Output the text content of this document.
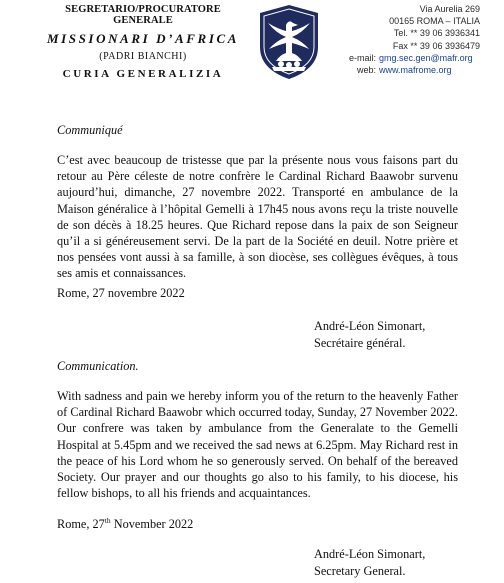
SEGRETARIO/PROCURATORE GENERALE
MISSIONARI D’AFRICA
(PADRI BIANCHI)
CURIA GENERALIZIA
Via Aurelia 269
00165 ROMA – ITALIA
Tel. ** 39 06 3936341
Fax ** 39 06 3936479
e-mail: gmg.sec.gen@mafr.org
web: www.mafrome.org
Communiqué
C’est avec beaucoup de tristesse que par la présente nous vous faisons part du retour au Père céleste de notre confrère le Cardinal Richard Baawobr survenu aujourd’hui, dimanche, 27 novembre 2022. Transporté en ambulance de la Maison généralice à l’hôpital Gemelli à 17h45 nous avons reçu la triste nouvelle de son décès à 18.25 heures. Que Richard repose dans la paix de son Seigneur qu’il a si généreusement servi. De la part de la Société en deuil. Notre prière et nos pensées vont aussi à sa famille, à son diocèse, ses collègues évêques, à tous ses amis et connaissances.
Rome, 27 novembre 2022
André-Léon Simonart,
Secrétaire général.
Communication.
With sadness and pain we hereby inform you of the return to the heavenly Father of Cardinal Richard Baawobr which occurred today, Sunday, 27 November 2022. Our confrere was taken by ambulance from the Generalate to the Gemelli Hospital at 5.45pm and we received the sad news at 6.25pm. May Richard rest in the peace of his Lord whom he so generously served. On behalf of the bereaved Society. Our prayer and our thoughts go also to his family, to his diocese, his fellow bishops, to all his friends and acquaintances.
Rome, 27th November 2022
André-Léon Simonart,
Secretary General.
